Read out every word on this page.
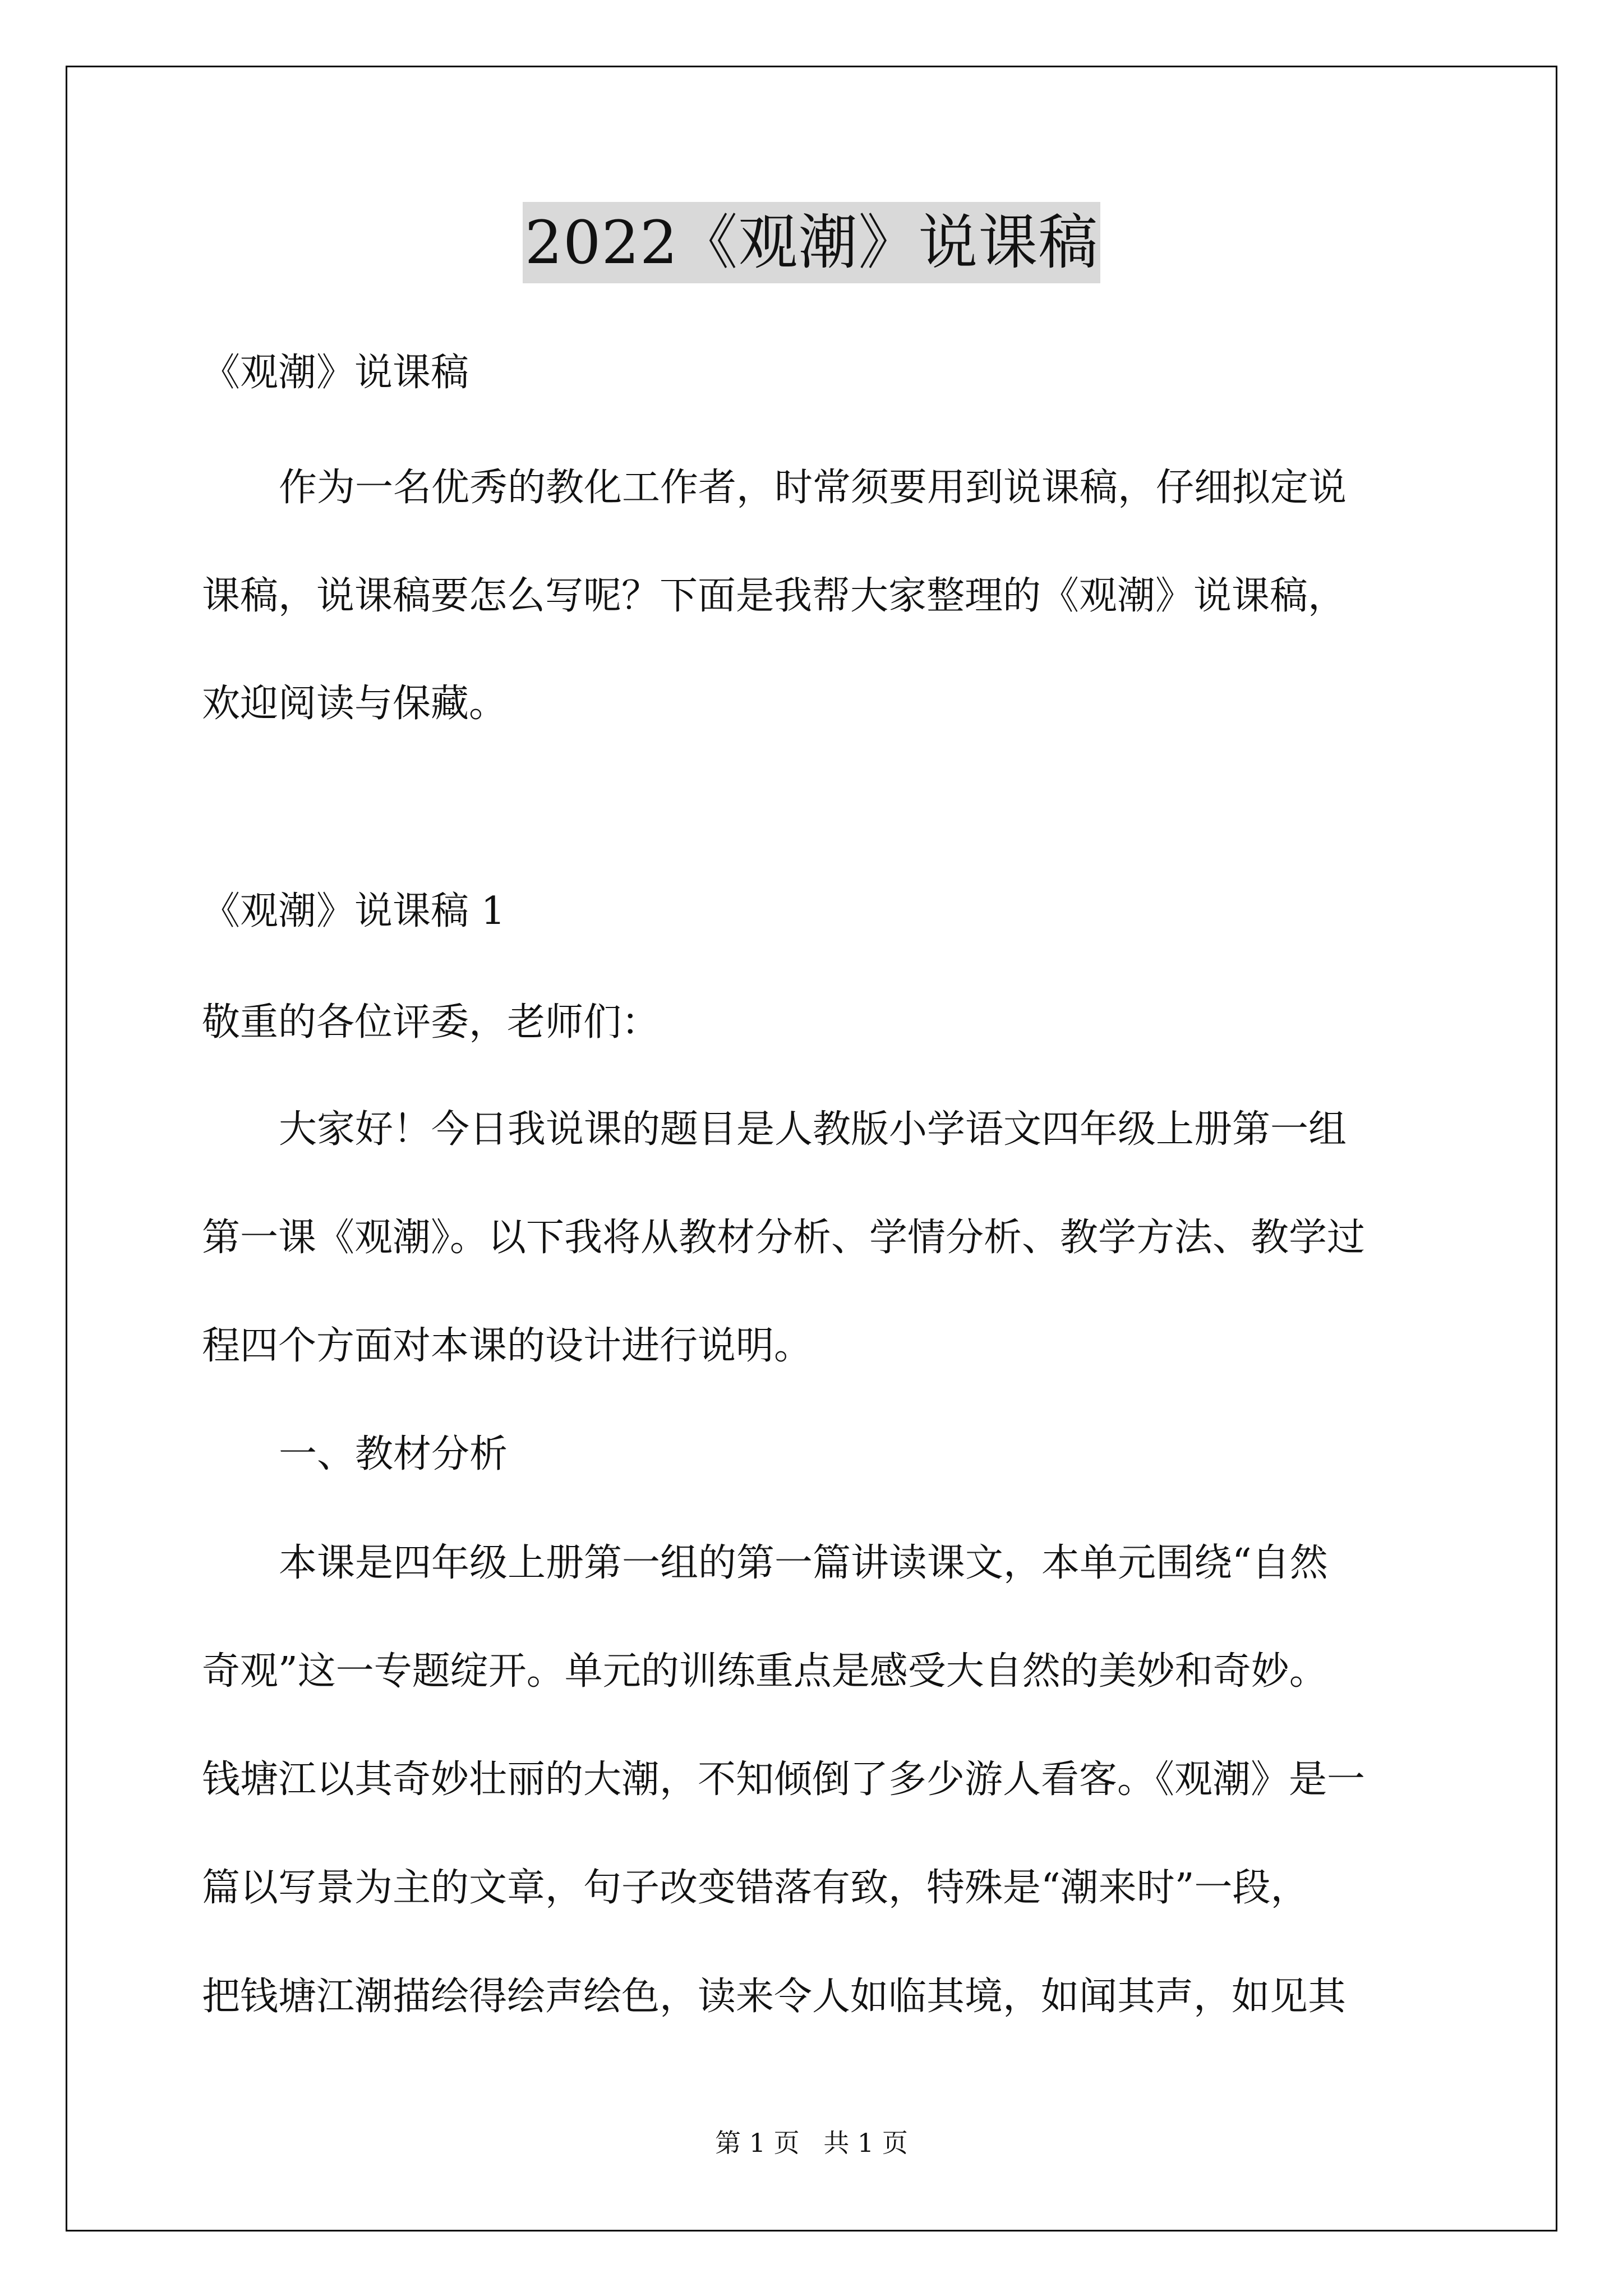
2022《观潮》说课稿

《观潮》说课稿

作为一名优秀的教化工作者，时常须要用到说课稿，仔细拟定说

课稿，说课稿要怎么写呢？下面是我帮大家整理的《观潮》说课稿，

欢迎阅读与保藏。

《观潮》说课稿 1

敬重的各位评委，老师们：

大家好！今日我说课的题目是人教版小学语文四年级上册第一组

第一课《观潮》。以下我将从教材分析、学情分析、教学方法、教学过

程四个方面对本课的设计进行说明。

一、教材分析

本课是四年级上册第一组的第一篇讲读课文，本单元围绕“自然

奇观”这一专题绽开。单元的训练重点是感受大自然的美妙和奇妙。

钱塘江以其奇妙壮丽的大潮，不知倾倒了多少游人看客。《观潮》是一

篇以写景为主的文章，句子改变错落有致，特殊是“潮来时”一段，

把钱塘江潮描绘得绘声绘色，读来令人如临其境，如闻其声，如见其

第 1 页 共 1 页
